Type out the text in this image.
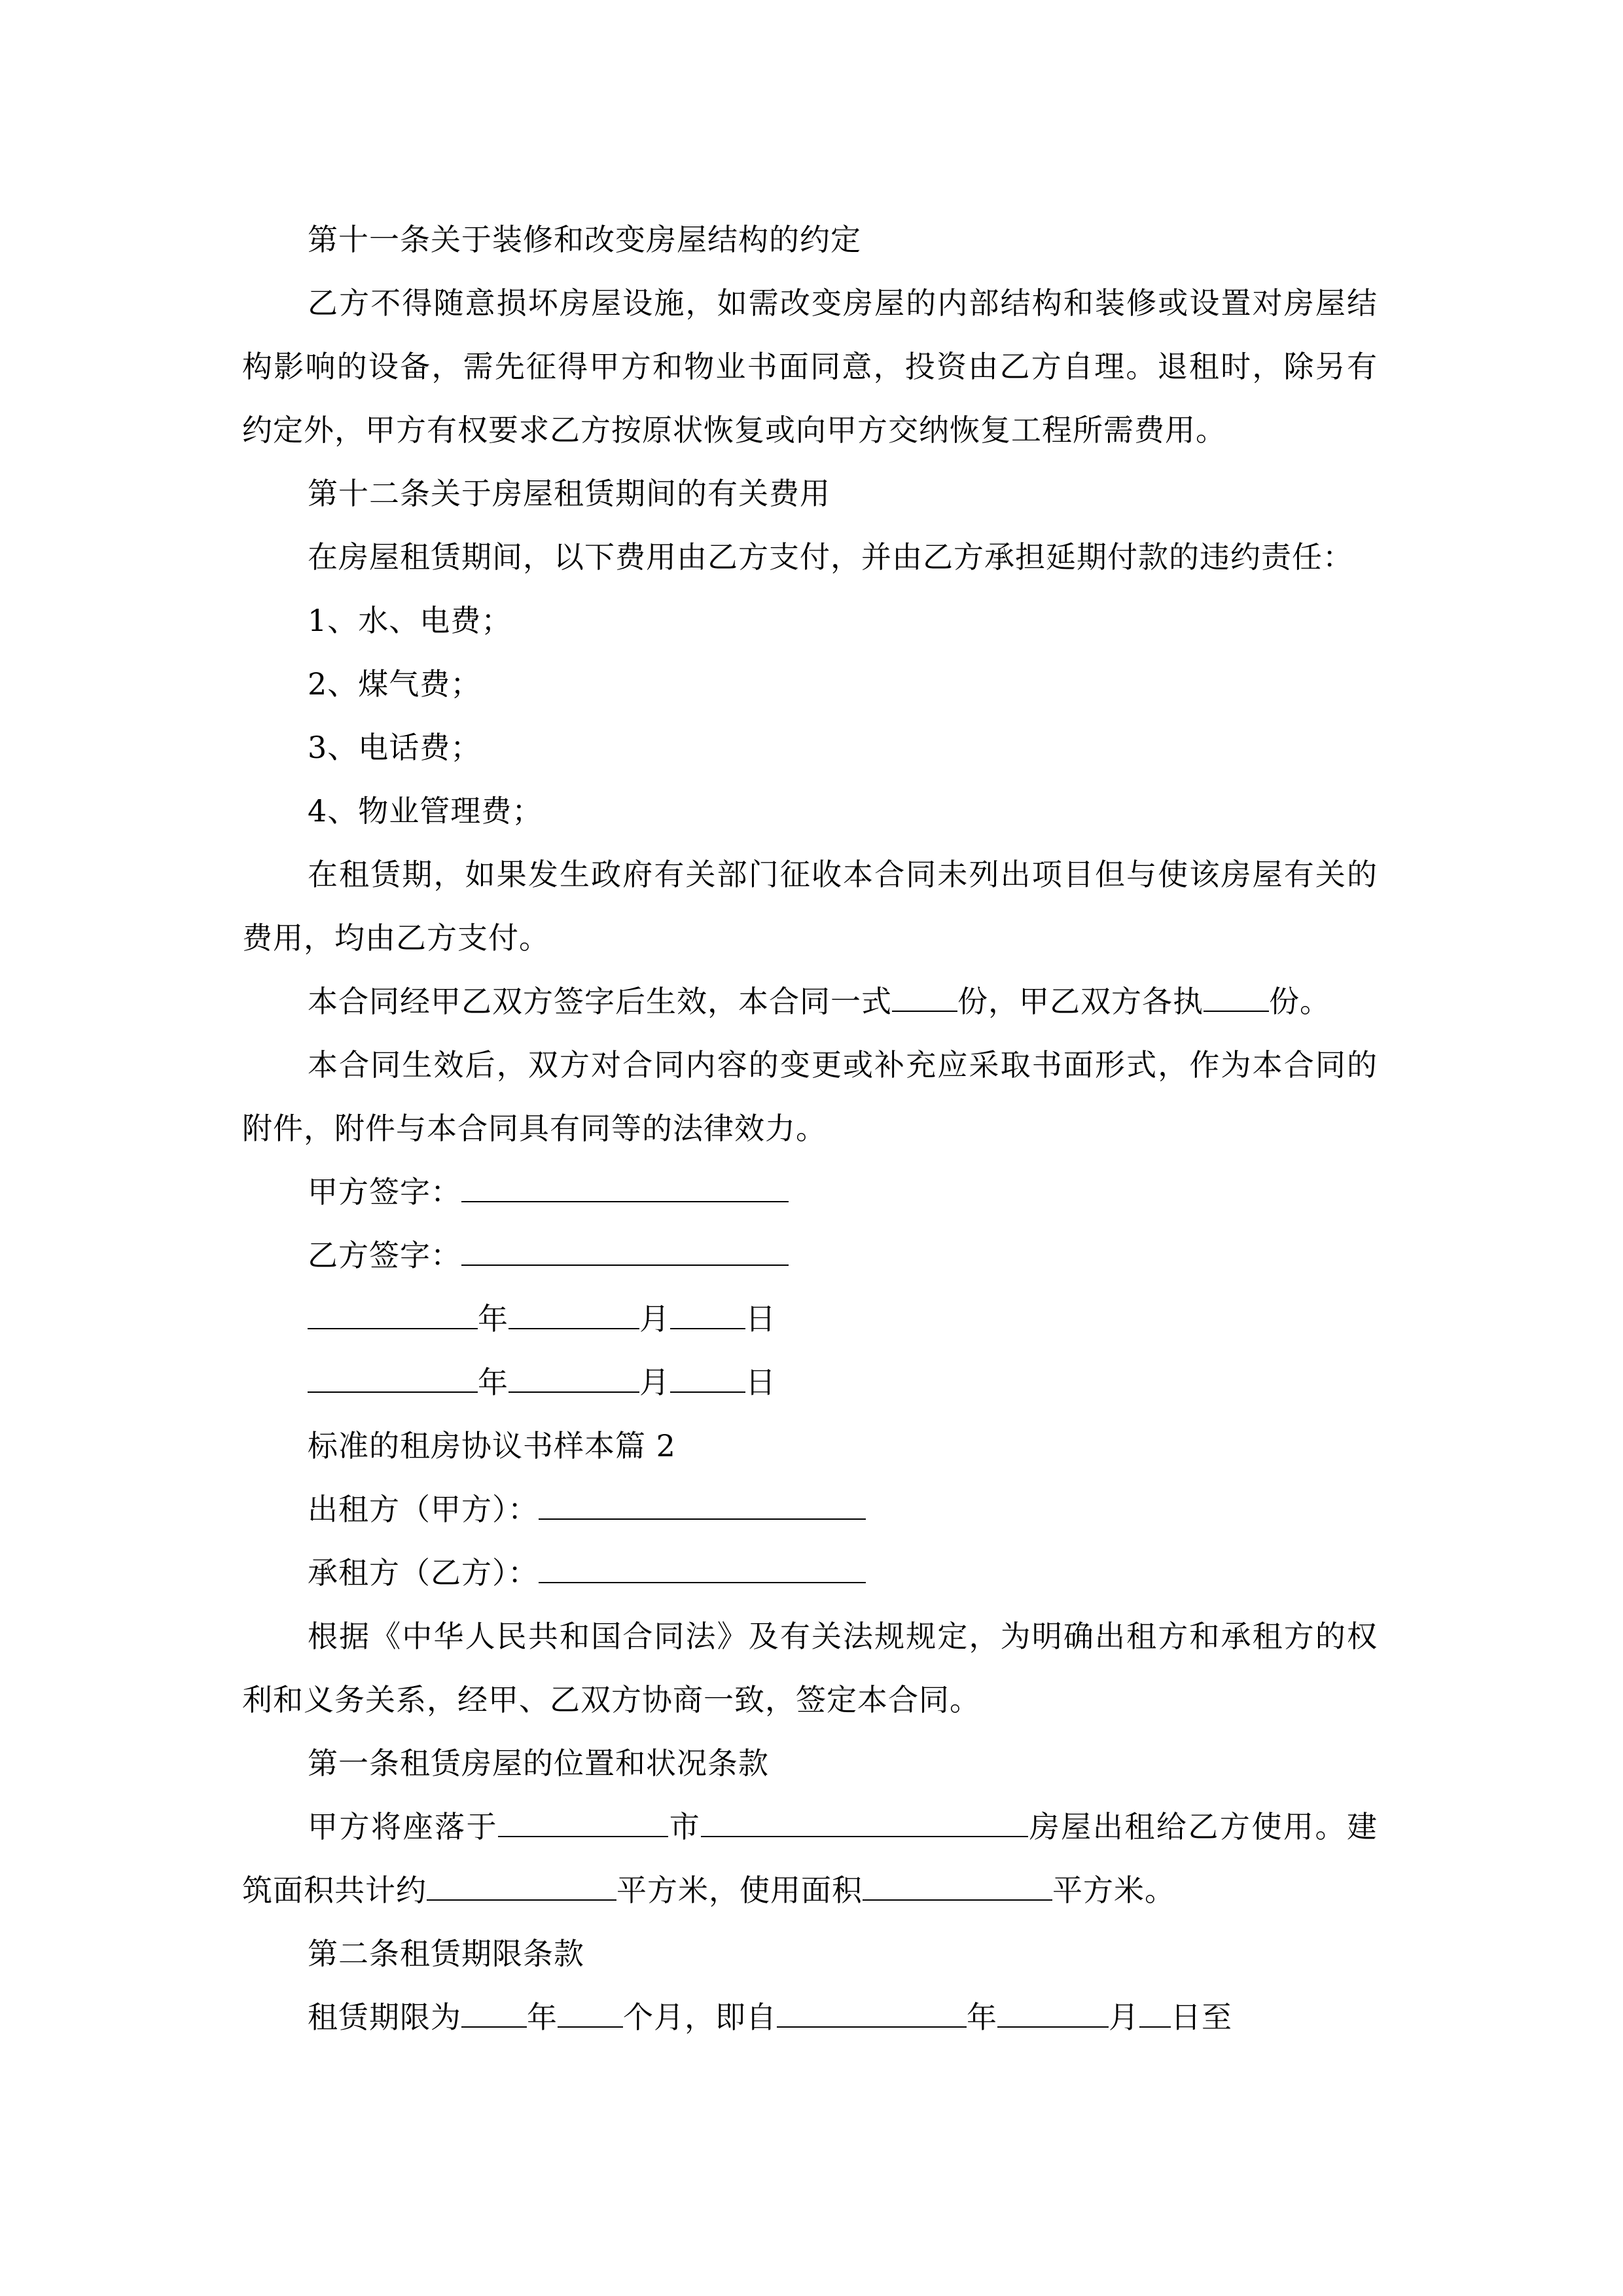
第十一条关于装修和改变房屋结构的约定

乙方不得随意损坏房屋设施，如需改变房屋的内部结构和装修或设置对房屋结构影响的设备，需先征得甲方和物业书面同意，投资由乙方自理。退租时，除另有约定外，甲方有权要求乙方按原状恢复或向甲方交纳恢复工程所需费用。

第十二条关于房屋租赁期间的有关费用

在房屋租赁期间，以下费用由乙方支付，并由乙方承担延期付款的违约责任：

1、水、电费；

2、煤气费；

3、电话费；

4、物业管理费；

在租赁期，如果发生政府有关部门征收本合同未列出项目但与使该房屋有关的费用，均由乙方支付。

本合同经甲乙双方签字后生效，本合同一式 份，甲乙双方各执 份。

本合同生效后，双方对合同内容的变更或补充应采取书面形式，作为本合同的附件，附件与本合同具有同等的法律效力。

甲方签字：

乙方签字：

年	月	日

年	月	日

标准的租房协议书样本篇 2

出租方（甲方）：

承租方（乙方）：

根据《中华人民共和国合同法》及有关法规规定，为明确出租方和承租方的权利和义务关系，经甲、乙双方协商一致，签定本合同。

第一条租赁房屋的位置和状况条款

甲方将座落于	市	房屋出租给乙方使用。建筑面积共计约	平方米，使用面积	平方米。

第二条租赁期限条款

租赁期限为 年 个月，即自	年	月 日至
